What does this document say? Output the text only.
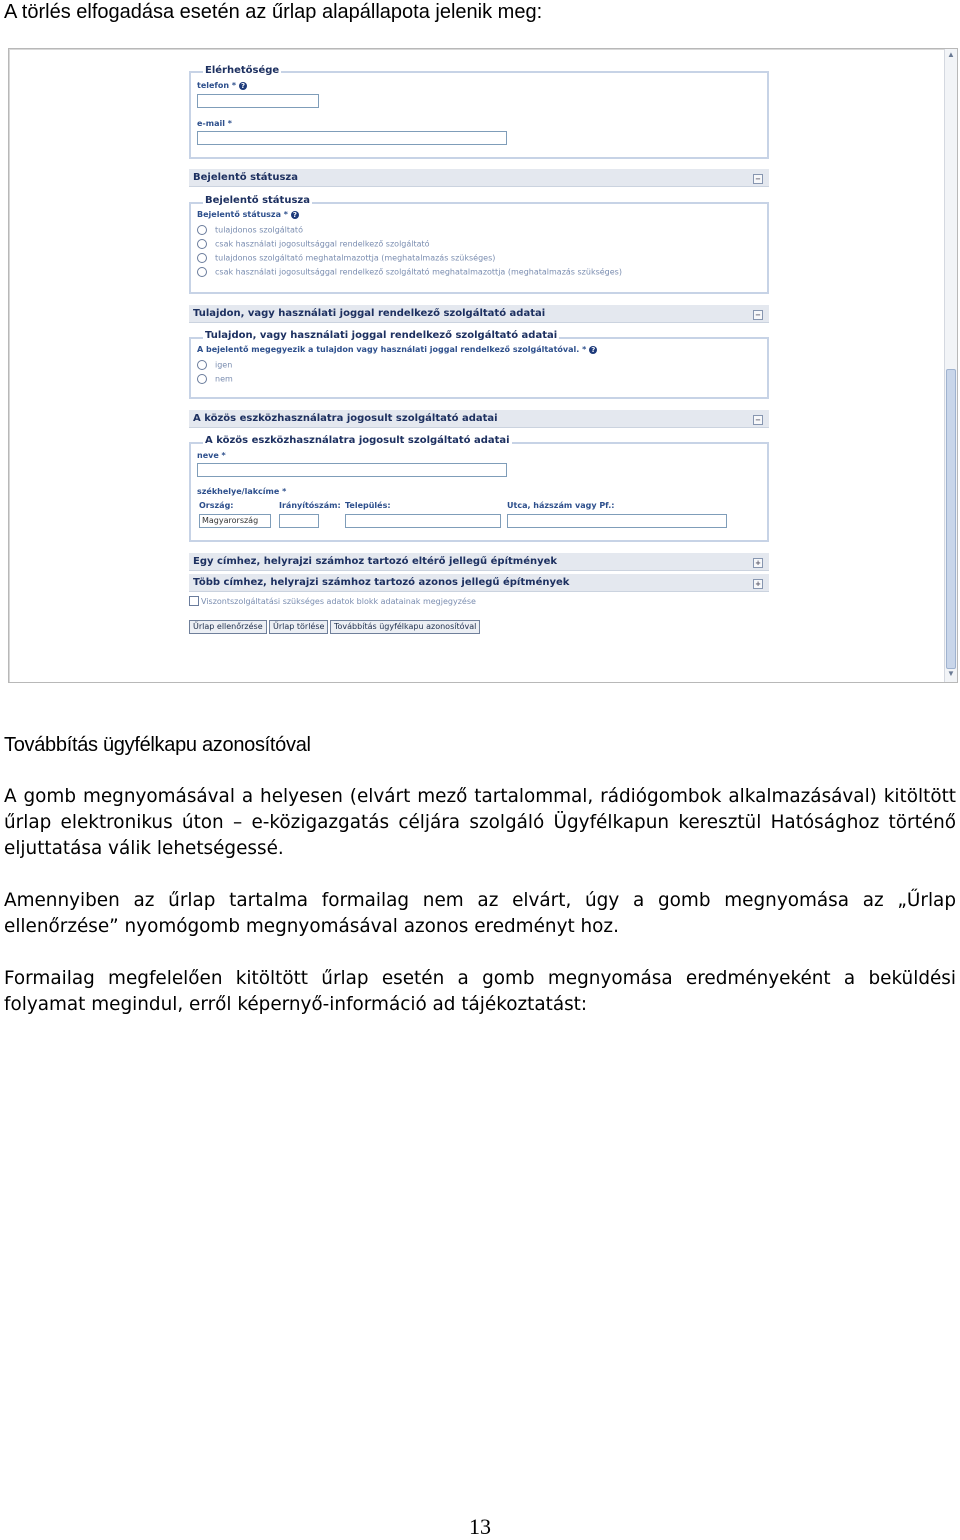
A törlés elfogadása esetén az űrlap alapállapota jelenik meg:
▲
▼
Elérhetősége
telefon * ?
e-mail *
Bejelentő státusza	−
Bejelentő státusza
Bejelentő státusza * ?
tulajdonos szolgáltató
csak használati jogosultsággal rendelkező szolgáltató
tulajdonos szolgáltató meghatalmazottja (meghatalmazás szükséges)
csak használati jogosultsággal rendelkező szolgáltató meghatalmazottja (meghatalmazás szükséges)
Tulajdon, vagy használati joggal rendelkező szolgáltató adatai	−
Tulajdon, vagy használati joggal rendelkező szolgáltató adatai
A bejelentő megegyezik a tulajdon vagy használati joggal rendelkező szolgáltatóval. * ?
igen
nem
A közös eszközhasználatra jogosult szolgáltató adatai	−
A közös eszközhasználatra jogosult szolgáltató adatai
neve *
székhelye/lakcíme *
Ország:	Irányítószám: Település:	Utca, házszám vagy Pf.:
Magyarország
Egy címhez, helyrajzi számhoz tartozó eltérő jellegű építmények	+
Több címhez, helyrajzi számhoz tartozó azonos jellegű építmények	+
Viszontszolgáltatási szükséges adatok blokk adatainak megjegyzése
Űrlap ellenőrzése	Űrlap törlése	Továbbítás ügyfélkapu azonosítóval
Továbbítás ügyfélkapu azonosítóval
A gomb megnyomásával a helyesen (elvárt mező tartalommal, rádiógombok alkalmazásával) kitöltött űrlap elektronikus úton – e-közigazgatás céljára szolgáló Ügyfélkapun keresztül Hatósághoz történő eljuttatása válik lehetségessé.
Amennyiben az űrlap tartalma formailag nem az elvárt, úgy a gomb megnyomása az „Űrlap ellenőrzése” nyomógomb megnyomásával azonos eredményt hoz.
Formailag megfelelően kitöltött űrlap esetén a gomb megnyomása eredményeként a beküldési folyamat megindul, erről képernyő-információ ad tájékoztatást:
13
